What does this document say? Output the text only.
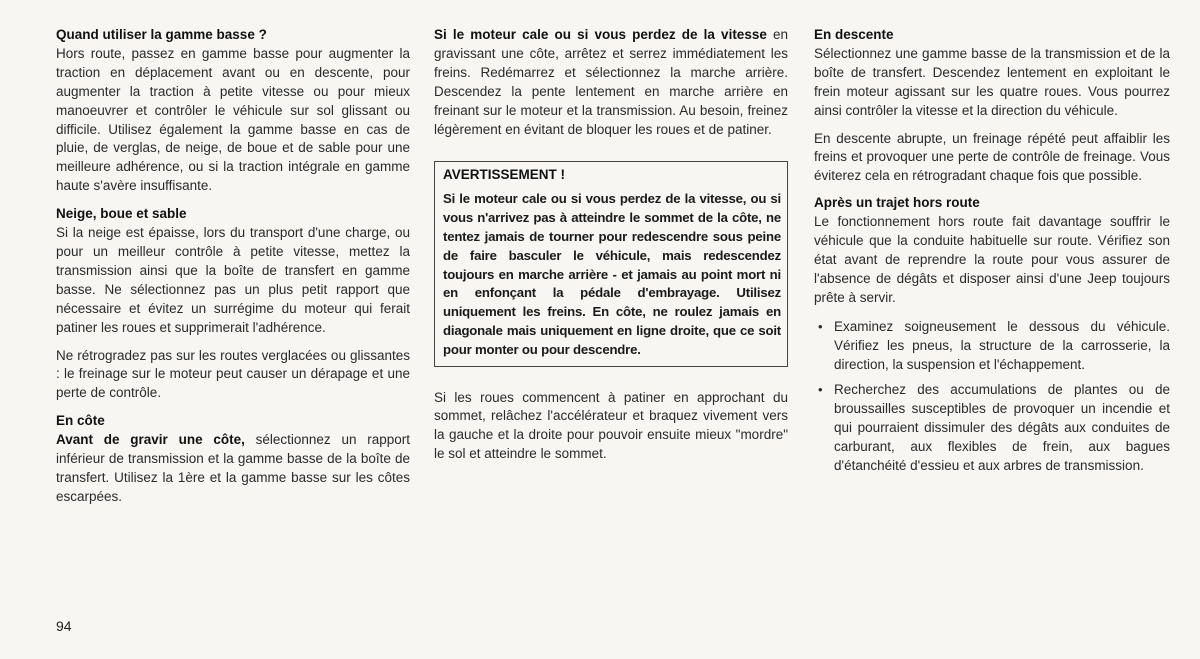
Quand utiliser la gamme basse ?

Hors route, passez en gamme basse pour augmenter la traction en déplacement avant ou en descente, pour augmenter la traction à petite vitesse ou pour mieux manoeuvrer et contrôler le véhicule sur sol glissant ou difficile. Utilisez également la gamme basse en cas de pluie, de verglas, de neige, de boue et de sable pour une meilleure adhérence, ou si la traction intégrale en gamme haute s'avère insuffisante.

Neige, boue et sable

Si la neige est épaisse, lors du transport d'une charge, ou pour un meilleur contrôle à petite vitesse, mettez la transmission ainsi que la boîte de transfert en gamme basse. Ne sélectionnez pas un plus petit rapport que nécessaire et évitez un surrégime du moteur qui ferait patiner les roues et supprimerait l'adhérence.

Ne rétrogradez pas sur les routes verglacées ou glissantes : le freinage sur le moteur peut causer un dérapage et une perte de contrôle.

En côte

Avant de gravir une côte, sélectionnez un rapport inférieur de transmission et la gamme basse de la boîte de transfert. Utilisez la 1ère et la gamme basse sur les côtes escarpées.

Si le moteur cale ou si vous perdez de la vitesse en gravissant une côte, arrêtez et serrez immédiatement les freins. Redémarrez et sélectionnez la marche arrière. Descendez la pente lentement en marche arrière en freinant sur le moteur et la transmission. Au besoin, freinez légèrement en évitant de bloquer les roues et de patiner.

AVERTISSEMENT !

Si le moteur cale ou si vous perdez de la vitesse, ou si vous n'arrivez pas à atteindre le sommet de la côte, ne tentez jamais de tourner pour redescendre sous peine de faire basculer le véhicule, mais redescendez toujours en marche arrière - et jamais au point mort ni en enfonçant la pédale d'embrayage. Utilisez uniquement les freins. En côte, ne roulez jamais en diagonale mais uniquement en ligne droite, que ce soit pour monter ou pour descendre.

Si les roues commencent à patiner en approchant du sommet, relâchez l'accélérateur et braquez vivement vers la gauche et la droite pour pouvoir ensuite mieux "mordre" le sol et atteindre le sommet.

En descente

Sélectionnez une gamme basse de la transmission et de la boîte de transfert. Descendez lentement en exploitant le frein moteur agissant sur les quatre roues. Vous pourrez ainsi contrôler la vitesse et la direction du véhicule.

En descente abrupte, un freinage répété peut affaiblir les freins et provoquer une perte de contrôle de freinage. Vous éviterez cela en rétrogradant chaque fois que possible.

Après un trajet hors route

Le fonctionnement hors route fait davantage souffrir le véhicule que la conduite habituelle sur route. Vérifiez son état avant de reprendre la route pour vous assurer de l'absence de dégâts et disposer ainsi d'une Jeep toujours prête à servir.

• Examinez soigneusement le dessous du véhicule. Vérifiez les pneus, la structure de la carrosserie, la direction, la suspension et l'échappement.
• Recherchez des accumulations de plantes ou de broussailles susceptibles de provoquer un incendie et qui pourraient dissimuler des dégâts aux conduites de carburant, aux flexibles de frein, aux bagues d'étanchéité d'essieu et aux arbres de transmission.
94
